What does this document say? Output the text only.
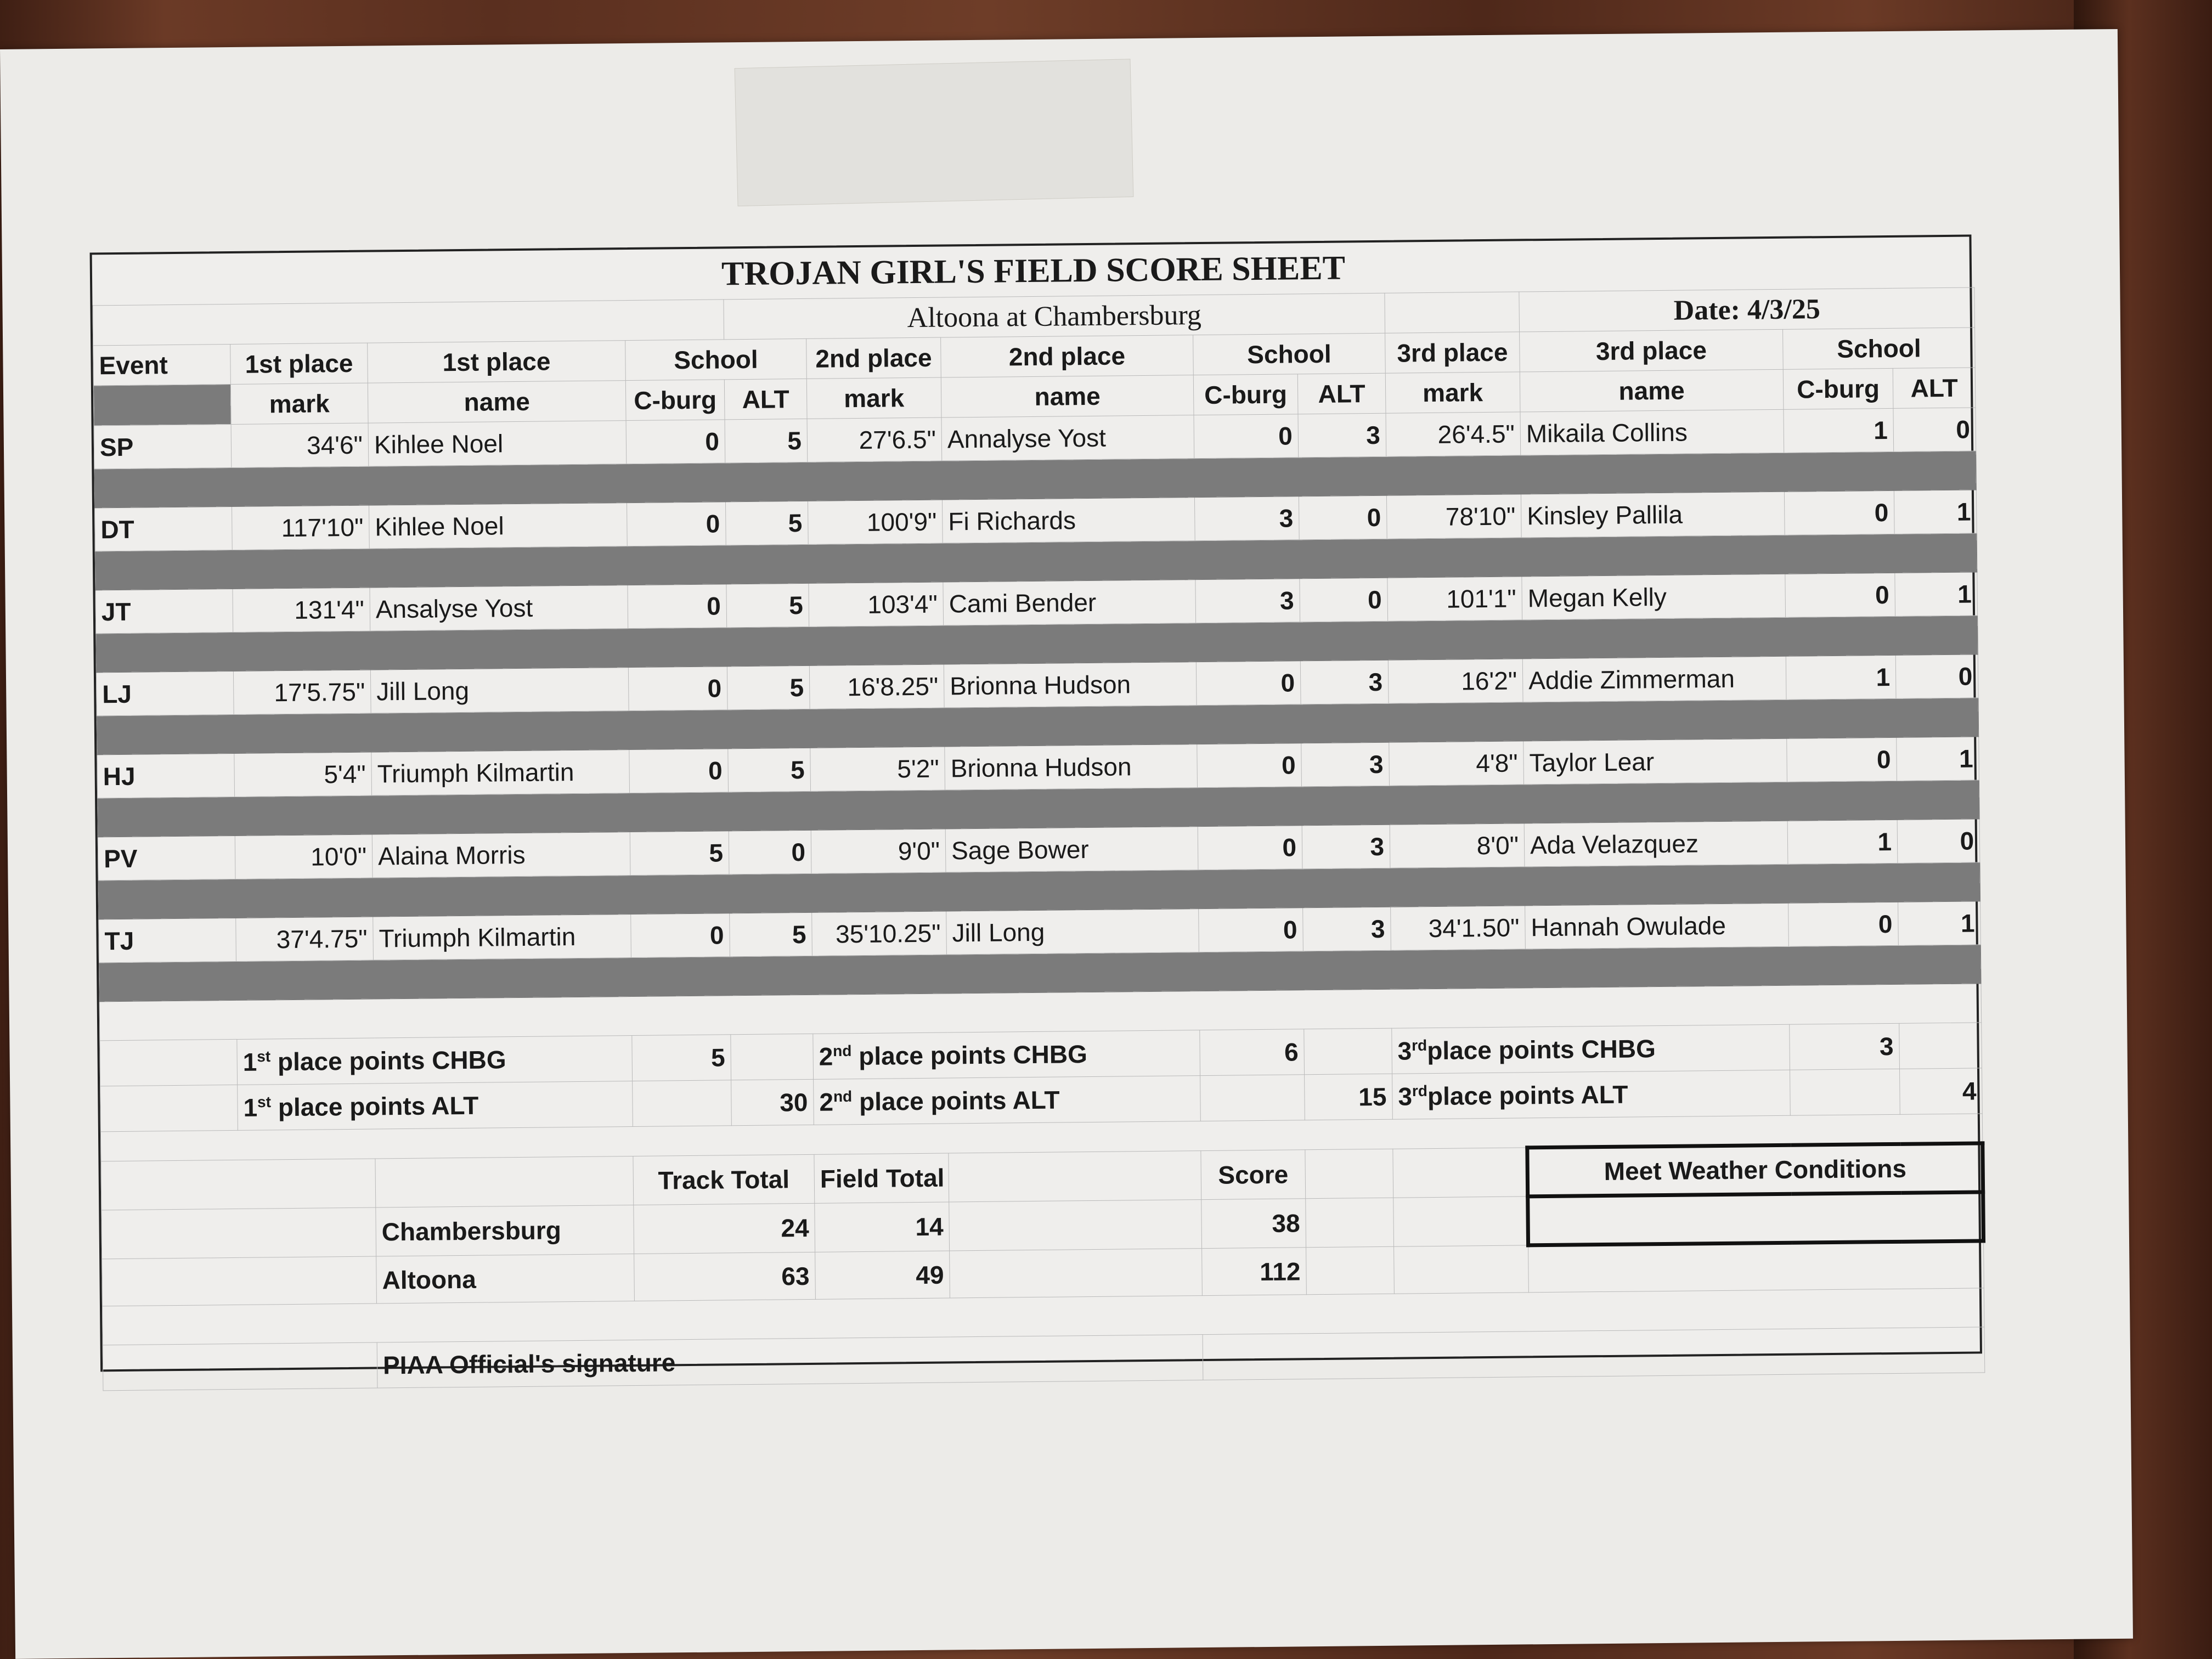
TROJAN GIRL'S FIELD SCORE SHEET												
				Altoona at Chambersburg						Date: 4/3/25		
Event	1st place	1st place	School		2nd place	2nd place	School		3rd place	3rd place	School	
	mark	name	C-burg	ALT	mark	name	C-burg	ALT	mark	name	C-burg	ALT
SP	34'6"	Kihlee Noel	0	5	27'6.5"	Annalyse Yost	0	3	26'4.5"	Mikaila Collins	1	0

DT	117'10"	Kihlee Noel	0	5	100'9"	Fi Richards	3	0	78'10"	Kinsley Pallila	0	1

JT	131'4"	Ansalyse Yost	0	5	103'4"	Cami Bender	3	0	101'1"	Megan Kelly	0	1

LJ	17'5.75"	Jill Long	0	5	16'8.25"	Brionna Hudson	0	3	16'2"	Addie Zimmerman	1	0

HJ	5'4"	Triumph Kilmartin	0	5	5'2"	Brionna Hudson	0	3	4'8"	Taylor Lear	0	1

PV	10'0"	Alaina Morris	5	0	9'0"	Sage Bower	0	3	8'0"	Ada Velazquez	1	0

TJ	37'4.75"	Triumph Kilmartin	0	5	35'10.25"	Jill Long	0	3	34'1.50"	Hannah Owulade	0	1

	1st place points CHBG		5		2nd place points CHBG		6		3rdplace points CHBG		3	
	1st place points ALT			30	2nd place points ALT			15	3rdplace points ALT			4

			Track Total		Field Total		Score			Meet Weather Conditions		
		Chambersburg	24		14		38					
		Altoona	63		49		112					

		PIAA Official's signature										
